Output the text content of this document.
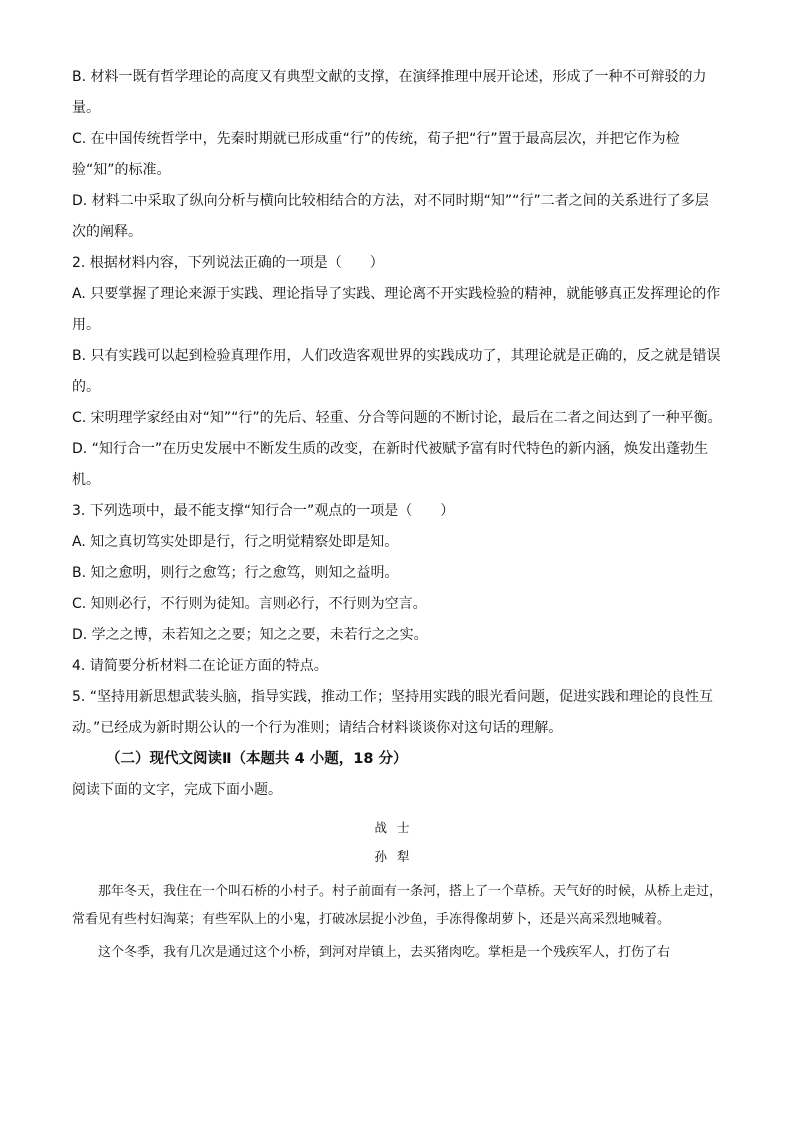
B. 材料一既有哲学理论的高度又有典型文献的支撑，在演绎推理中展开论述，形成了一种不可辩驳的力量。

C. 在中国传统哲学中，先秦时期就已形成重“行”的传统，荀子把“行”置于最高层次，并把它作为检验“知”的标准。

D. 材料二中采取了纵向分析与横向比较相结合的方法，对不同时期“知”“行”二者之间的关系进行了多层次的阐释。

2. 根据材料内容，下列说法正确的一项是（　　）

A. 只要掌握了理论来源于实践、理论指导了实践、理论离不开实践检验的精神，就能够真正发挥理论的作用。

B. 只有实践可以起到检验真理作用，人们改造客观世界的实践成功了，其理论就是正确的，反之就是错误的。

C. 宋明理学家经由对“知”“行”的先后、轻重、分合等问题的不断讨论，最后在二者之间达到了一种平衡。

D. “知行合一”在历史发展中不断发生质的改变，在新时代被赋予富有时代特色的新内涵，焕发出蓬勃生机。

3. 下列选项中，最不能支撑“知行合一”观点的一项是（　　）

A. 知之真切笃实处即是行，行之明觉精察处即是知。

B. 知之愈明，则行之愈笃；行之愈笃，则知之益明。

C. 知则必行，不行则为徒知。言则必行，不行则为空言。

D. 学之之博，未若知之之要；知之之要，未若行之之实。

4. 请简要分析材料二在论证方面的特点。

5. “坚持用新思想武装头脑，指导实践，推动工作；坚持用实践的眼光看问题，促进实践和理论的良性互动。”已经成为新时期公认的一个行为准则；请结合材料谈谈你对这句话的理解。

（二）现代文阅读Ⅱ（本题共 4 小题，18 分）

阅读下面的文字，完成下面小题。

战士

孙犁

那年冬天，我住在一个叫石桥的小村子。村子前面有一条河，搭上了一个草桥。天气好的时候，从桥上走过，常看见有些村妇淘菜；有些军队上的小鬼，打破冰层捉小沙鱼，手冻得像胡萝卜，还是兴高采烈地喊着。

这个冬季，我有几次是通过这个小桥，到河对岸镇上，去买猪肉吃。掌柜是一个残疾军人，打伤了右
